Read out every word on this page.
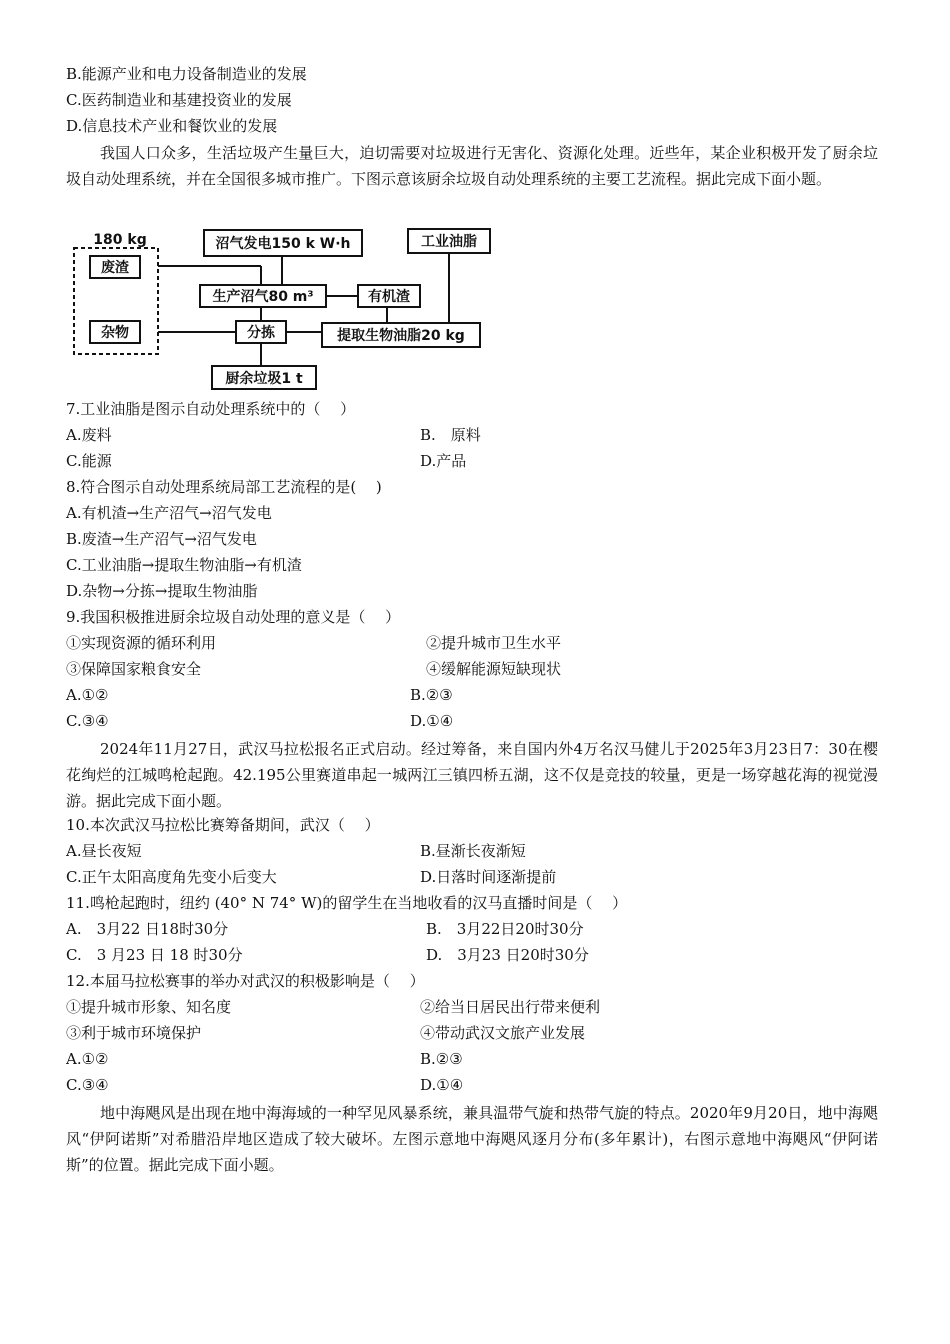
B.能源产业和电力设备制造业的发展
C.医药制造业和基建投资业的发展
D.信息技术产业和餐饮业的发展
我国人口众多，生活垃圾产生量巨大，迫切需要对垃圾进行无害化、资源化处理。近些年，某企业积极开发了厨余垃圾自动处理系统，并在全国很多城市推广。下图示意该厨余垃圾自动处理系统的主要工艺流程。据此完成下面小题。
180 kg
废渣
杂物
沼气发电150 k W·h
生产沼气80 m³	有机渣
分拣	提取生物油脂20 kg
工业油脂
厨余垃圾1 t
7.工业油脂是图示自动处理系统中的（　 ）
A.废料	B.　原料
C.能源	D.产品
8.符合图示自动处理系统局部工艺流程的是(　 )
A.有机渣→生产沼气→沼气发电
B.废渣→生产沼气→沼气发电
C.工业油脂→提取生物油脂→有机渣
D.杂物→分拣→提取生物油脂
9.我国积极推进厨余垃圾自动处理的意义是（　 ）
①实现资源的循环利用	②提升城市卫生水平
③保障国家粮食安全	④缓解能源短缺现状
A.①②	B.②③
C.③④	D.①④
2024年11月27日，武汉马拉松报名正式启动。经过筹备，来自国内外4万名汉马健儿于2025年3月23日7：30在樱花绚烂的江城鸣枪起跑。42.195公里赛道串起一城两江三镇四桥五湖，这不仅是竞技的较量，更是一场穿越花海的视觉漫游。据此完成下面小题。
10.本次武汉马拉松比赛筹备期间，武汉（　 ）
A.昼长夜短	B.昼渐长夜渐短
C.正午太阳高度角先变小后变大	D.日落时间逐渐提前
11.鸣枪起跑时，纽约 (40° N 74° W)的留学生在当地收看的汉马直播时间是（　 ）
A.　3月22 日18时30分	B.　3月22日20时30分
C.　3 月23 日 18 时30分	D.　3月23 日20时30分
12.本届马拉松赛事的举办对武汉的积极影响是（　 ）
①提升城市形象、知名度	②给当日居民出行带来便利
③利于城市环境保护	④带动武汉文旅产业发展
A.①②	B.②③
C.③④	D.①④
地中海飓风是出现在地中海海域的一种罕见风暴系统，兼具温带气旋和热带气旋的特点。2020年9月20日，地中海飓风“伊阿诺斯”对希腊沿岸地区造成了较大破坏。左图示意地中海飓风逐月分布(多年累计)，右图示意地中海飓风“伊阿诺斯”的位置。据此完成下面小题。
